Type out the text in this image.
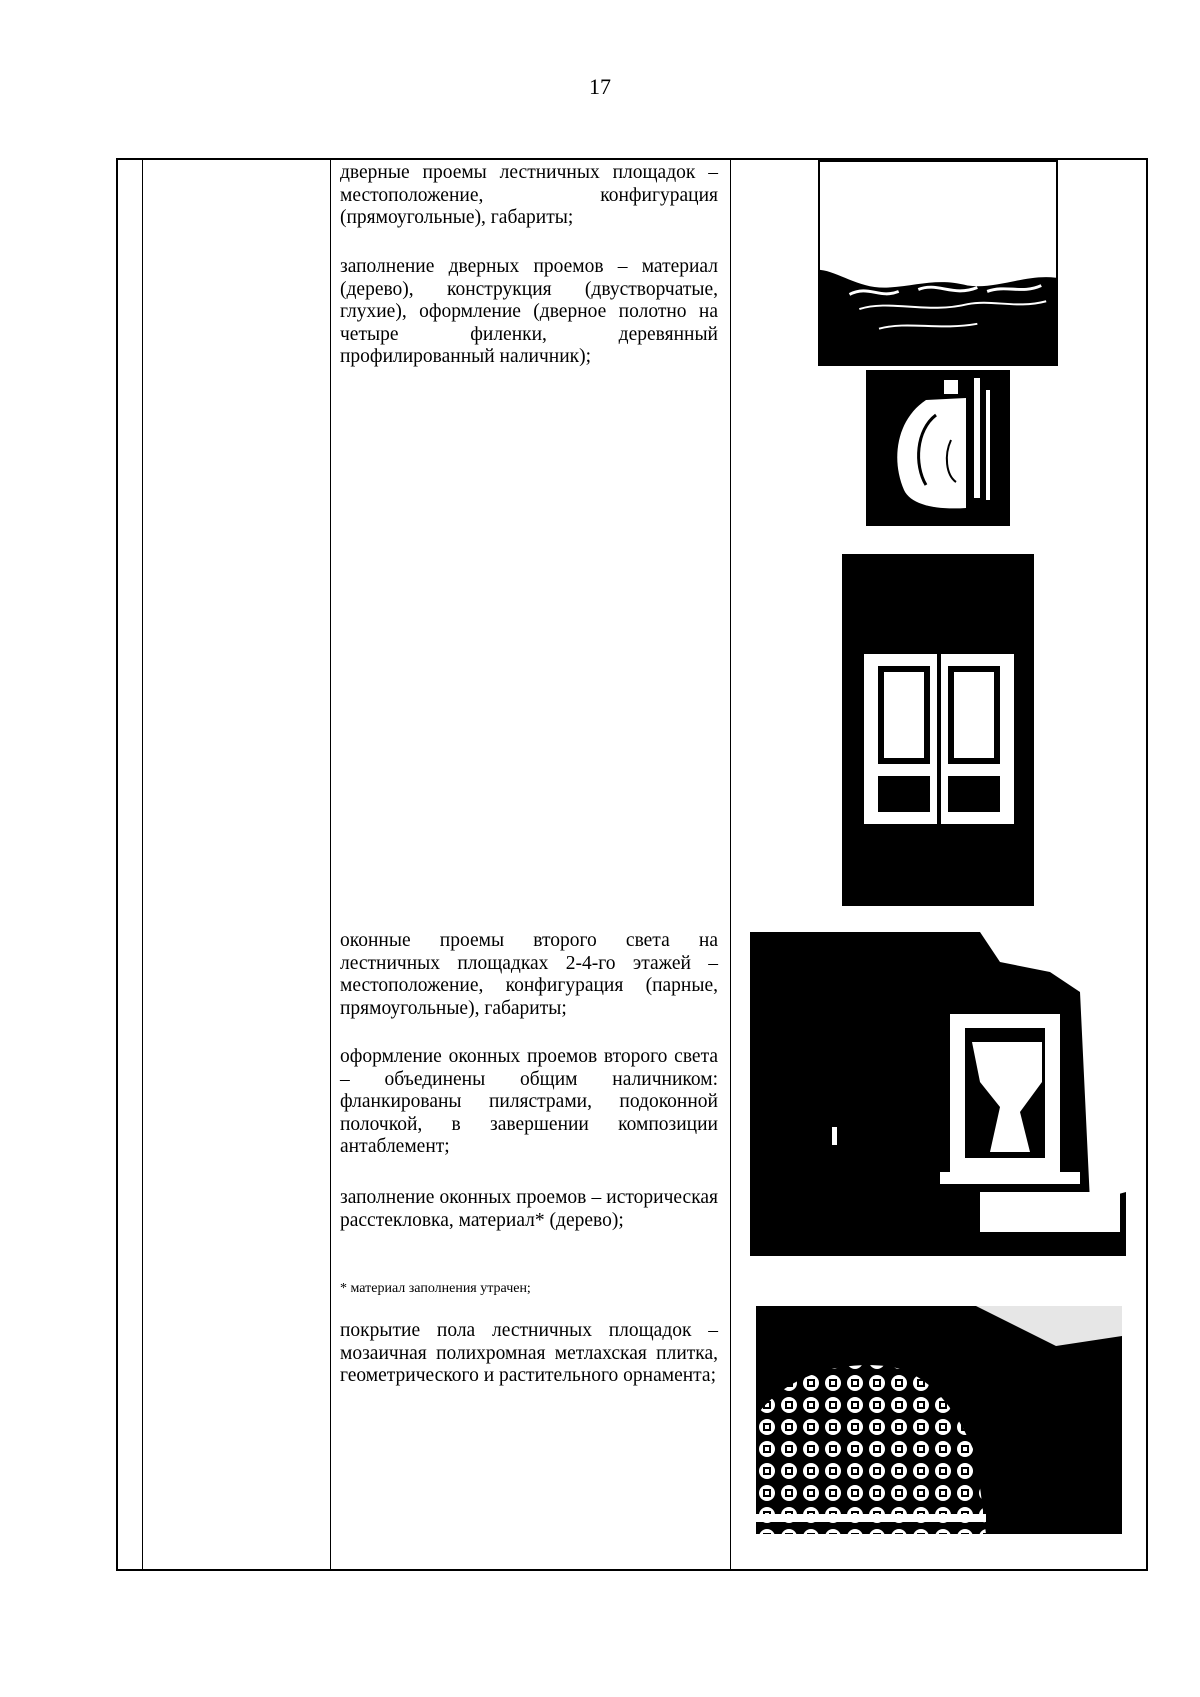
17
дверные проемы лестничных площадок – местоположение, конфигурация (прямоугольные), габариты;
заполнение дверных проемов – материал (дерево), конструкция (двустворчатые, глухие), оформление (дверное полотно на четыре филенки, деревянный профилированный наличник);
оконные проемы второго света на лестничных площадках 2-4-го этажей – местоположение, конфигурация (парные, прямоугольные), габариты;
оформление оконных проемов второго света – объединены общим наличником: фланкированы пилястрами, подоконной полочкой, в завершении композиции антаблемент;
заполнение оконных проемов – историческая расстекловка, материал* (дерево);
* материал заполнения утрачен;
покрытие пола лестничных площадок – мозаичная полихромная метлахская плитка, геометрического и растительного орнамента;
